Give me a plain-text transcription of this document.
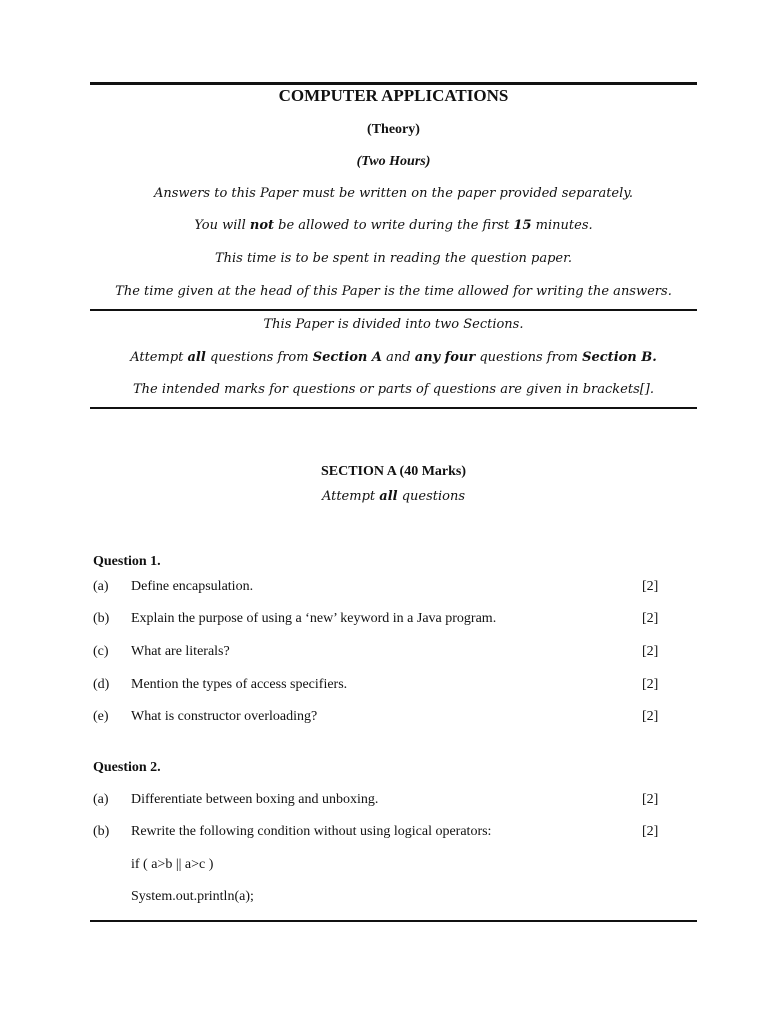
COMPUTER APPLICATIONS
(Theory)
(Two Hours)
Answers to this Paper must be written on the paper provided separately.
You will not be allowed to write during the first 15 minutes.
This time is to be spent in reading the question paper.
The time given at the head of this Paper is the time allowed for writing the answers.
This Paper is divided into two Sections.
Attempt all questions from Section A and any four questions from Section B.
The intended marks for questions or parts of questions are given in brackets[].
SECTION A (40 Marks)
Attempt all questions
Question 1.
(a) Define encapsulation.	[2]
(b) Explain the purpose of using a ‘new’ keyword in a Java program.	[2]
(c) What are literals?	[2]
(d) Mention the types of access specifiers.	[2]
(e) What is constructor overloading?	[2]
Question 2.
(a) Differentiate between boxing and unboxing.	[2]
(b) Rewrite the following condition without using logical operators:	[2]
if ( a>b || a>c )
System.out.println(a);
